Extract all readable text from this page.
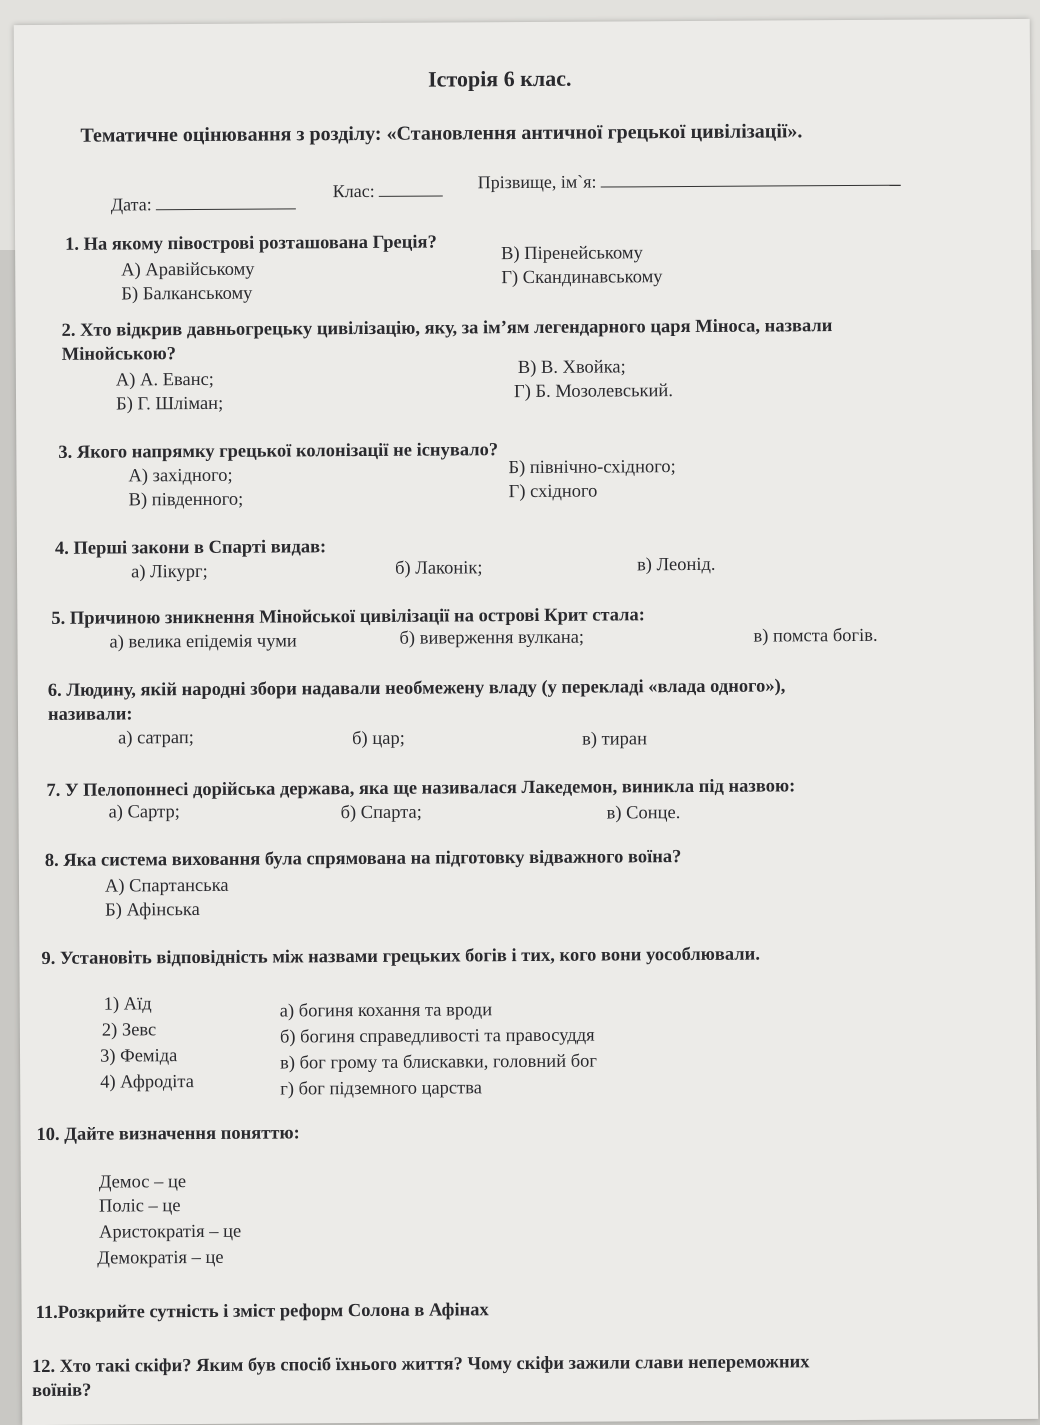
Історія 6 клас.
Тематичне оцінювання з розділу: «Становлення античної грецької цивілізації».
Дата:
Клас:	Прізвище, ім`я:
1. На якому півострові розташована Греція?
А) Аравійському
Б) Балканському
В) Піренейському
Г) Скандинавському
2. Хто відкрив давньогрецьку цивілізацію, яку, за ім’ям легендарного царя Міноса, назвали
Мінойською?
А) А. Еванс;
Б) Г. Шліман;
В) В. Хвойка;
Г) Б. Мозолевський.
3. Якого напрямку грецької колонізації не існувало?
А) західного;
В) південного;
Б) північно-східного;
Г) східного
4. Перші закони в Спарті видав:
а) Лікург;	б) Лаконік;	в) Леонід.
5. Причиною зникнення Мінойської цивілізації на острові Крит стала:
а) велика епідемія чуми	б) виверження вулкана;	в) помста богів.
6. Людину, якій народні збори надавали необмежену владу (у перекладі «влада одного»),
називали:
а) сатрап;	б) цар;	в) тиран
7. У Пелопоннесі дорійська держава, яка ще називалася Лакедемон, виникла під назвою:
а) Сартр;	б) Спарта;	в) Сонце.
8. Яка система виховання була спрямована на підготовку відважного воїна?
А) Спартанська
Б) Афінська
9. Установіть відповідність між назвами грецьких богів і тих, кого вони уособлювали.
1) Аїд
2) Зевс
3) Феміда
4) Афродіта
а) богиня кохання та вроди
б) богиня справедливості та правосуддя
в) бог грому та блискавки, головний бог
г) бог підземного царства
10. Дайте визначення поняттю:
Демос – це
Поліс – це
Аристократія – це
Демократія – це
11.Розкрийте сутність і зміст реформ Солона в Афінах
12. Хто такі скіфи? Яким був спосіб їхнього життя? Чому скіфи зажили слави непереможних
воїнів?
